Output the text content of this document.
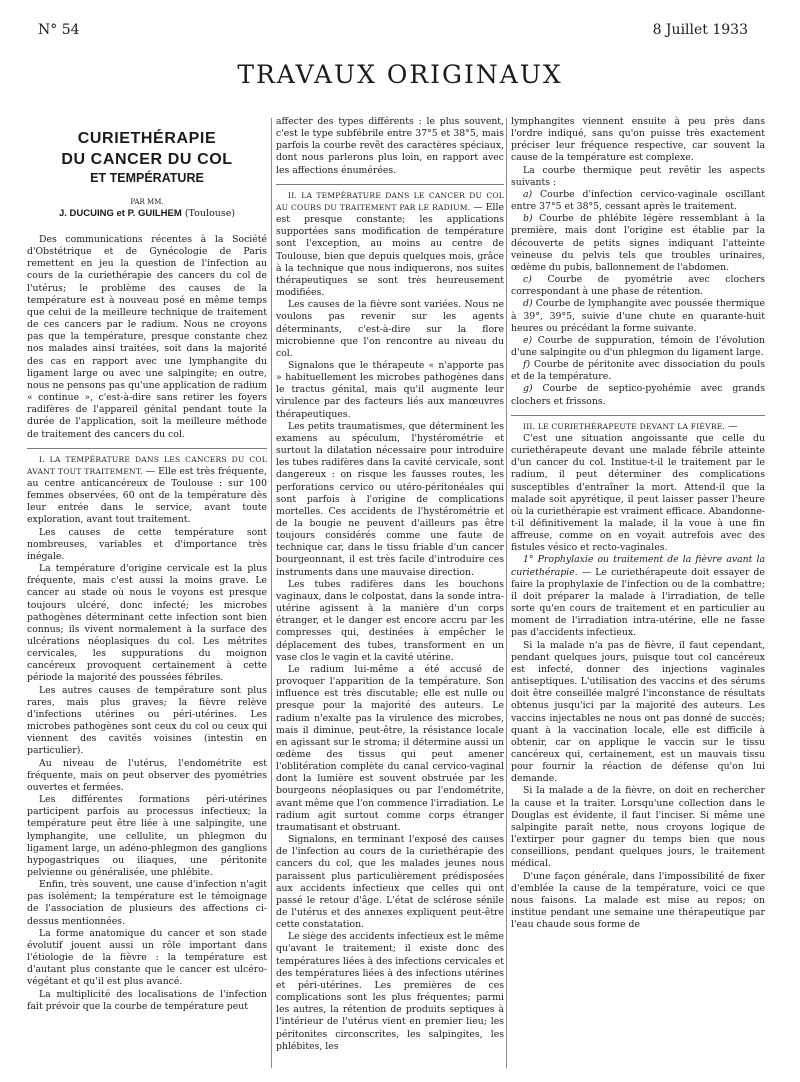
N° 54	8 Juillet 1933
TRAVAUX ORIGINAUX
CURIETHÉRAPIE
DU CANCER DU COL
ET TEMPÉRATURE
PAR MM.
J. DUCUING et P. GUILHEM (Toulouse)

Des communications récentes à la Société d'Obstétrique et de Gynécologie de Paris remettent en jeu la question de l'infection au cours de la curiethérapie des cancers du col de l'utérus; le problème des causes de la température est à nouveau posé en même temps que celui de la meilleure technique de traitement de ces cancers par le radium. Nous ne croyons pas que la température, presque constante chez nos malades ainsi traitées, soit dans la majorité des cas en rapport avec une lymphangite du ligament large ou avec une salpingite; en outre, nous ne pensons pas qu'une application de radium « continue », c'est-à-dire sans retirer les foyers radifères de l'appareil génital pendant toute la durée de l'application, soit la meilleure méthode de traitement des cancers du col.

I. LA TEMPÉRATURE DANS LES CANCERS DU COL AVANT TOUT TRAITEMENT. — Elle est très fréquente, au centre anticancéreux de Toulouse : sur 100 femmes observées, 60 ont de la température dès leur entrée dans le service, avant toute exploration, avant tout traitement.

Les causes de cette température sont nombreuses, variables et d'importance très inégale.

La température d'origine cervicale est la plus fréquente, mais c'est aussi la moins grave. Le cancer au stade où nous le voyons est presque toujours ulcéré, donc infecté; les microbes pathogènes déterminant cette infection sont bien connus; ils vivent normalement à la surface des ulcérations néoplasiques du col. Les métrites cervicales, les suppurations du moignon cancéreux provoquent certainement à cette période la majorité des poussées fébriles.

Les autres causes de température sont plus rares, mais plus graves; la fièvre relève d'infections utérines ou péri-utérines. Les microbes pathogènes sont ceux du col ou ceux qui viennent des cavités voisines (intestin en particulier).

Au niveau de l'utérus, l'endométrite est fréquente, mais on peut observer des pyométries ouvertes et fermées.

Les différentes formations péri-utérines participent parfois au processus infectieux; la température peut être liée à une salpingite, une lymphangite, une cellulite, un phlegmon du ligament large, un adéno-phlegmon des ganglions hypogastriques ou iliaques, une péritonite pelvienne ou généralisée, une phlébite.

Enfin, très souvent, une cause d'infection n'agit pas isolément; la température est le témoignage de l'association de plusieurs des affections ci-dessus mentionnées.

La forme anatomique du cancer et son stade évolutif jouent aussi un rôle important dans l'étiologie de la fièvre : la température est d'autant plus constante que le cancer est ulcéro-végétant et qu'il est plus avancé.

La multiplicité des localisations de l'infection fait prévoir que la courbe de température peut

affecter des types différents : le plus souvent, c'est le type subfébrile entre 37°5 et 38°5, mais parfois la courbe revêt des caractères spéciaux, dont nous parlerons plus loin, en rapport avec les affections énumérées.

II. LA TEMPÉRATURE DANS LE CANCER DU COL AU COURS DU TRAITEMENT PAR LE RADIUM. — Elle est presque constante; les applications supportées sans modification de température sont l'exception, au moins au centre de Toulouse, bien que depuis quelques mois, grâce à la technique que nous indiquerons, nos suites thérapeutiques se sont très heureusement modifiées.

Les causes de la fièvre sont variées. Nous ne voulons pas revenir sur les agents déterminants, c'est-à-dire sur la flore microbienne que l'on rencontre au niveau du col.

Signalons que le thérapeute « n'apporte pas » habituellement les microbes pathogènes dans le tractus génital, mais qu'il augmente leur virulence par des facteurs liés aux manœuvres thérapeutiques.

Les petits traumatismes, que déterminent les examens au spéculum, l'hystérométrie et surtout la dilatation nécessaire pour introduire les tubes radifères dans la cavité cervicale, sont dangereux : on risque les fausses routes, les perforations cervico ou utéro-péritonéales qui sont parfois à l'origine de complications mortelles. Ces accidents de l'hystérométrie et de la bougie ne peuvent d'ailleurs pas être toujours considérés comme une faute de technique car, dans le tissu friable d'un cancer bourgeonnant, il est très facile d'introduire ces instruments dans une mauvaise direction.

Les tubes radifères dans les bouchons vaginaux, dans le colpostat, dans la sonde intra-utérine agissent à la manière d'un corps étranger, et le danger est encore accru par les compresses qui, destinées à empêcher le déplacement des tubes, transforment en un vase clos le vagin et la cavité utérine.

Le radium lui-même a été accusé de provoquer l'apparition de la température. Son influence est très discutable; elle est nulle ou presque pour la majorité des auteurs. Le radium n'exalte pas la virulence des microbes, mais il diminue, peut-être, la résistance locale en agissant sur le stroma; il détermine aussi un œdème des tissus qui peut amener l'oblitération complète du canal cervico-vaginal dont la lumière est souvent obstruée par les bourgeons néoplasiques ou par l'endométrite, avant même que l'on commence l'irradiation. Le radium agit surtout comme corps étranger traumatisant et obstruant.

Signalons, en terminant l'exposé des causes de l'infection au cours de la curiethérapie des cancers du col, que les malades jeunes nous paraissent plus particulièrement prédisposées aux accidents infectieux que celles qui ont passé le retour d'âge. L'état de sclérose sénile de l'utérus et des annexes expliquent peut-être cette constatation.

Le siège des accidents infectieux est le même qu'avant le traitement; il existe donc des températures liées à des infections cervicales et des températures liées à des infections utérines et péri-utérines. Les premières de ces complications sont les plus fréquentes; parmi les autres, la rétention de produits septiques à l'intérieur de l'utérus vient en premier lieu; les péritonites circonscrites, les salpingites, les phlébites, les

lymphangites viennent ensuite à peu près dans l'ordre indiqué, sans qu'on puisse très exactement préciser leur fréquence respective, car souvent la cause de la température est complexe.

La courbe thermique peut revêtir les aspects suivants :

a) Courbe d'infection cervico-vaginale oscillant entre 37°5 et 38°5, cessant après le traitement.

b) Courbe de phlébite légère ressemblant à la première, mais dont l'origine est établie par la découverte de petits signes indiquant l'atteinte veineuse du pelvis tels que troubles urinaires, œdème du pubis, ballonnement de l'abdomen.

c) Courbe de pyométrie avec clochers correspondant à une phase de rétention.

d) Courbe de lymphangite avec poussée thermique à 39°, 39°5, suivie d'une chute en quarante-huit heures ou précédant la forme suivante.

e) Courbe de suppuration, témoin de l'évolution d'une salpingite ou d'un phlegmon du ligament large.

f) Courbe de péritonite avec dissociation du pouls et de la température.

g) Courbe de septico-pyohémie avec grands clochers et frissons.

III. LE CURIETHÉRAPEUTE DEVANT LA FIÈVRE. —

C'est une situation angoissante que celle du curiethérapeute devant une malade fébrile atteinte d'un cancer du col. Institue-t-il le traitement par le radium, il peut déterminer des complications susceptibles d'entraîner la mort. Attend-il que la malade soit apyrétique, il peut laisser passer l'heure où la curiethérapie est vraiment efficace. Abandonne-t-il définitivement la malade, il la voue à une fin affreuse, comme on en voyait autrefois avec des fistules vésico et recto-vaginales.

1° Prophylaxie ou traitement de la fièvre avant la curiethérapie. — Le curiethérapeute doit essayer de faire la prophylaxie de l'infection ou de la combattre; il doit préparer la malade à l'irradiation, de telle sorte qu'en cours de traitement et en particulier au moment de l'irradiation intra-utérine, elle ne fasse pas d'accidents infectieux.

Si la malade n'a pas de fièvre, il faut cependant, pendant quelques jours, puisque tout col cancéreux est infecté, donner des injections vaginales antiseptiques. L'utilisation des vaccins et des sérums doit être conseillée malgré l'inconstance de résultats obtenus jusqu'ici par la majorité des auteurs. Les vaccins injectables ne nous ont pas donné de succès; quant à la vaccination locale, elle est difficile à obtenir, car on applique le vaccin sur le tissu cancéreux qui, certainement, est un mauvais tissu pour fournir la réaction de défense qu'on lui demande.

Si la malade a de la fièvre, on doit en rechercher la cause et la traiter. Lorsqu'une collection dans le Douglas est évidente, il faut l'inciser. Si même une salpingite paraît nette, nous croyons logique de l'extirper pour gagner du temps bien que nous conseillions, pendant quelques jours, le traitement médical.

D'une façon générale, dans l'impossibilité de fixer d'emblée la cause de la température, voici ce que nous faisons. La malade est mise au repos; on institue pendant une semaine une thérapeutique par l'eau chaude sous forme de
